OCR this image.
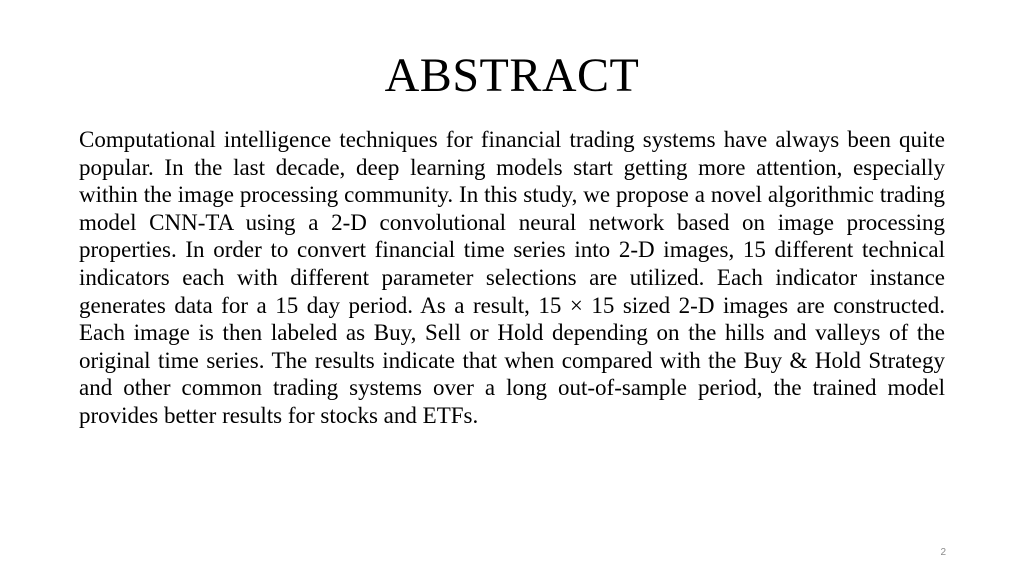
ABSTRACT

Computational intelligence techniques for financial trading systems have always been quite popular. In the last decade, deep learning models start getting more attention, especially within the image processing community. In this study, we propose a novel algorithmic trading model CNN-TA using a 2-D convolutional neural network based on image processing properties. In order to convert financial time series into 2-D images, 15 different technical indicators each with different parameter selections are utilized. Each indicator instance generates data for a 15 day period. As a result, 15 × 15 sized 2-D images are constructed. Each image is then labeled as Buy, Sell or Hold depending on the hills and valleys of the original time series. The results indicate that when compared with the Buy & Hold Strategy and other common trading systems over a long out-of-sample period, the trained model provides better results for stocks and ETFs.

2
